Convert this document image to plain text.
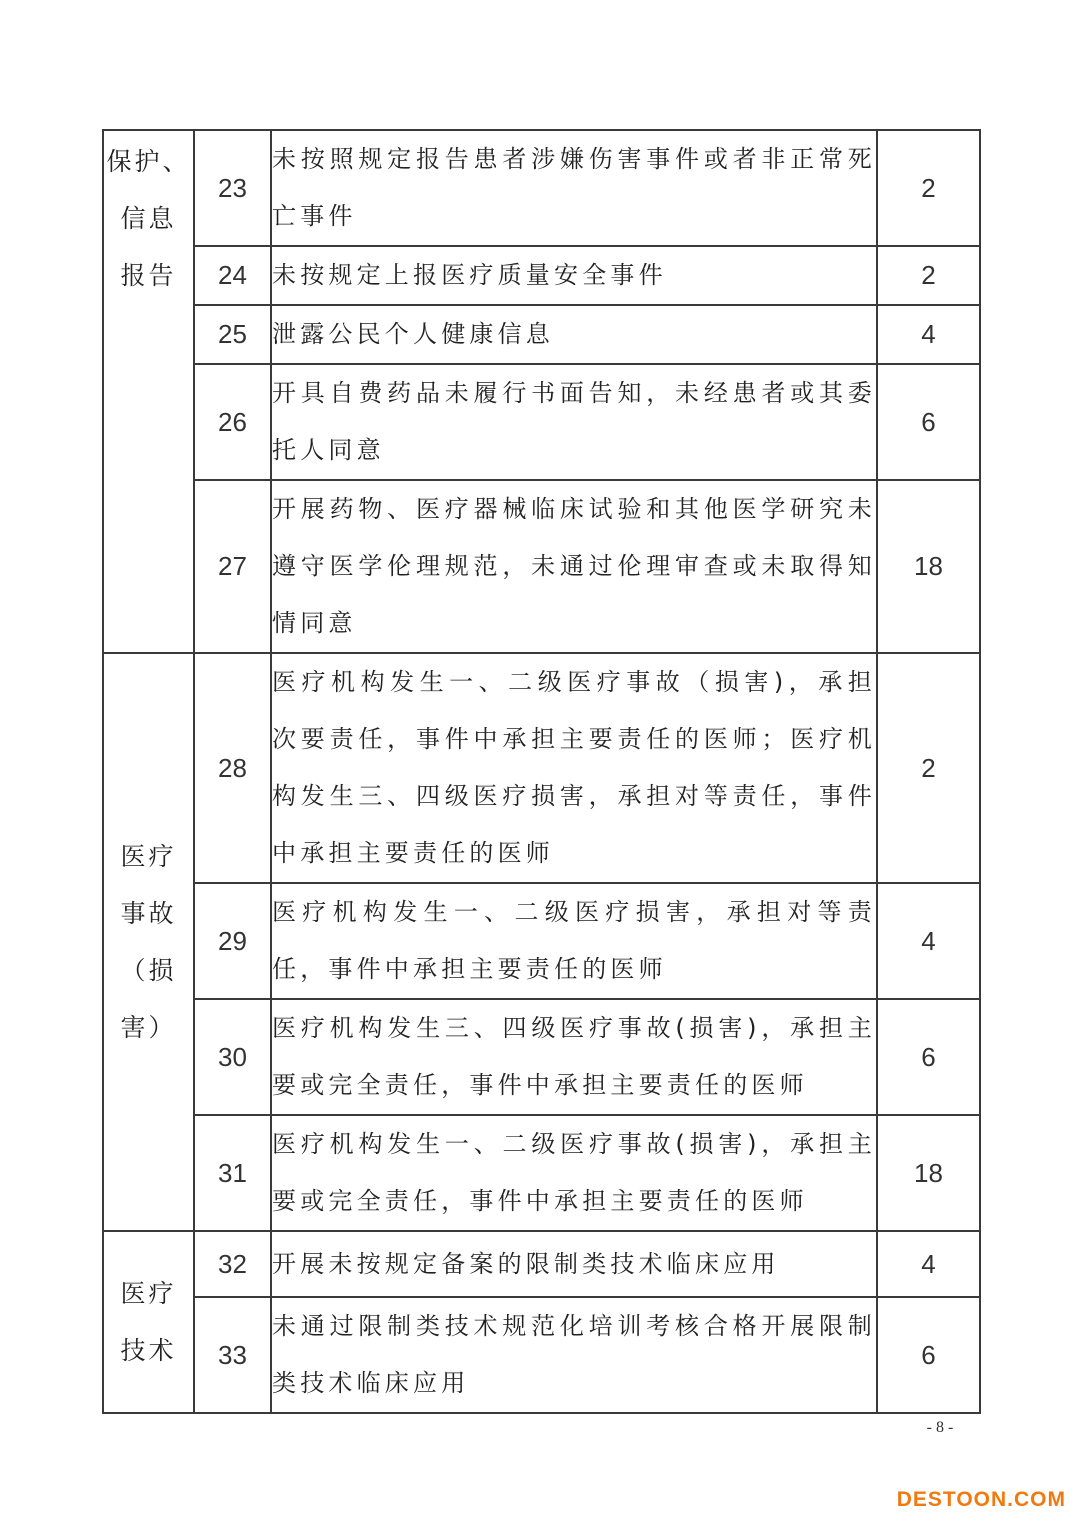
保护、
信息
报告	23	未按照规定报告患者涉嫌伤害事件或者非正常死亡事件	2
	24	未按规定上报医疗质量安全事件	2
	25	泄露公民个人健康信息	4
	26	开具自费药品未履行书面告知，未经患者或其委托人同意	6
	27	开展药物、医疗器械临床试验和其他医学研究未遵守医学伦理规范，未通过伦理审查或未取得知情同意	18

医疗
事故
（损
害）	28	医疗机构发生一、二级医疗事故（损害)，承担次要责任，事件中承担主要责任的医师；医疗机构发生三、四级医疗损害，承担对等责任，事件中承担主要责任的医师	2
	29	医疗机构发生一、二级医疗损害，承担对等责任，事件中承担主要责任的医师	4
	30	医疗机构发生三、四级医疗事故(损害)，承担主要或完全责任，事件中承担主要责任的医师	6
	31	医疗机构发生一、二级医疗事故(损害)，承担主要或完全责任，事件中承担主要责任的医师	18

医疗
技术	32	开展未按规定备案的限制类技术临床应用	4
	33	未通过限制类技术规范化培训考核合格开展限制类技术临床应用	6
- 8 -
DESTOON.COM
